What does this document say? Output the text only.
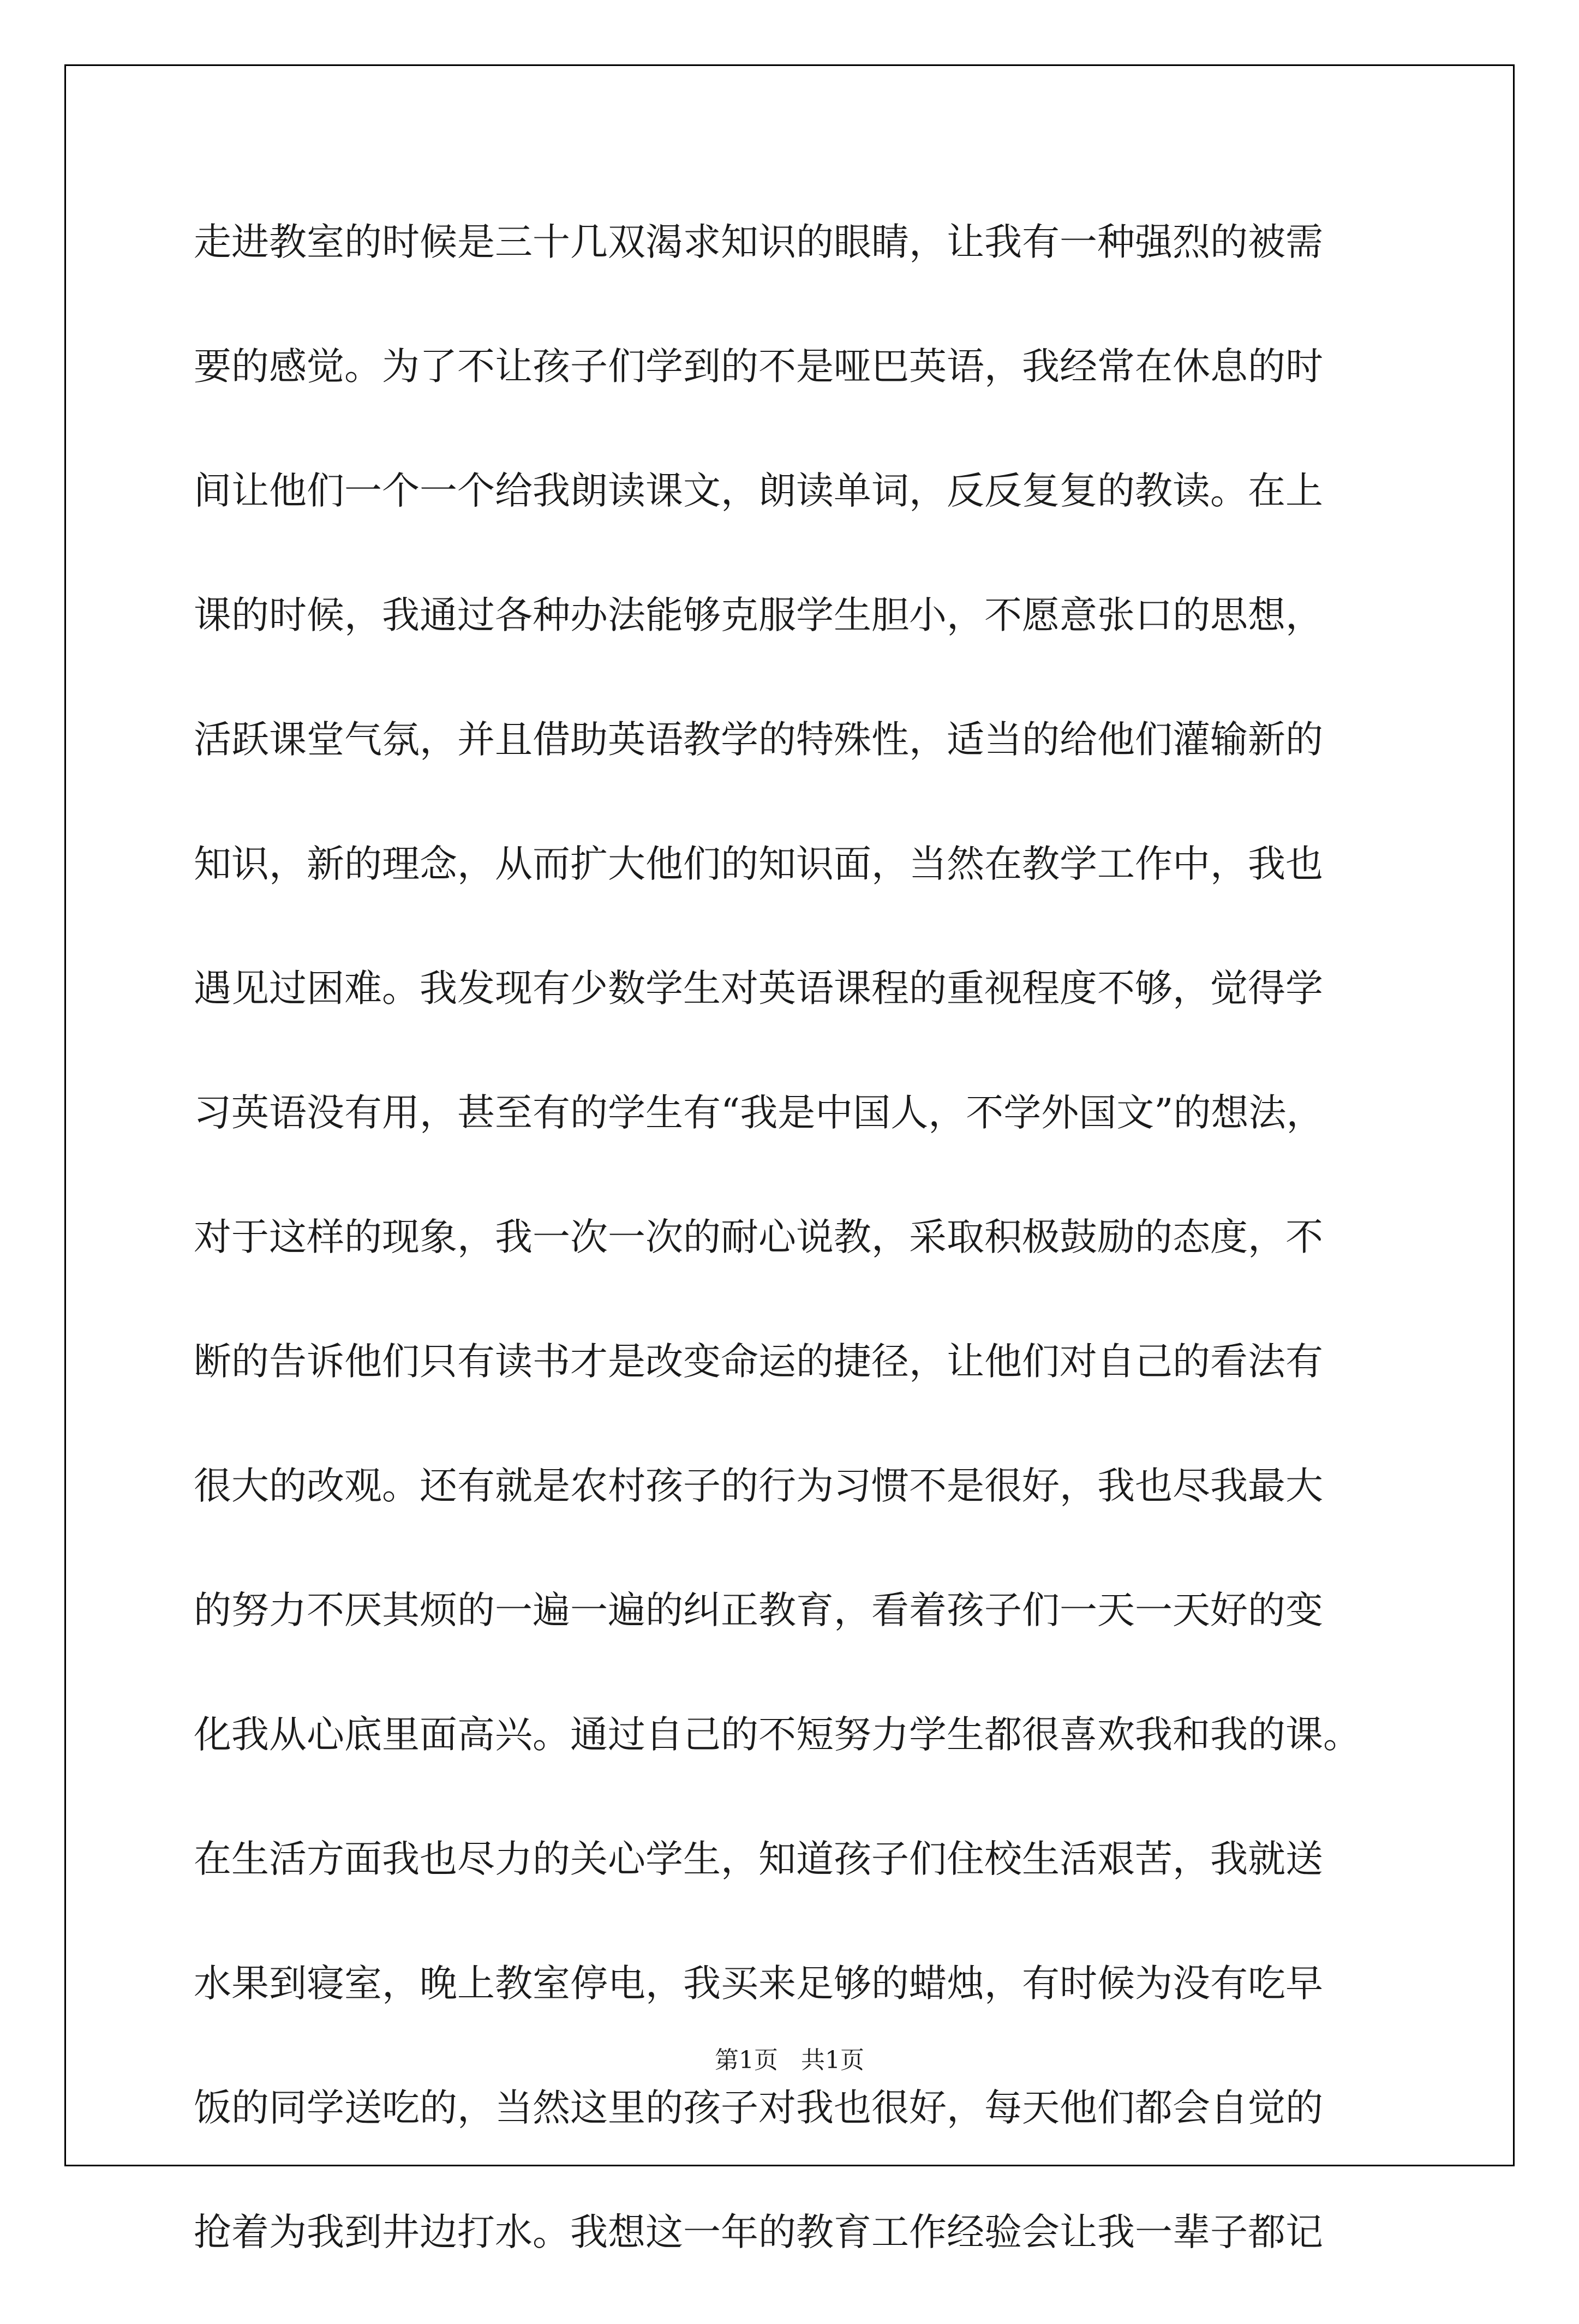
走进教室的时候是三十几双渴求知识的眼睛，让我有一种强烈的被需
要的感觉。为了不让孩子们学到的不是哑巴英语，我经常在休息的时
间让他们一个一个给我朗读课文，朗读单词，反反复复的教读。在上
课的时候，我通过各种办法能够克服学生胆小，不愿意张口的思想，
活跃课堂气氛，并且借助英语教学的特殊性，适当的给他们灌输新的
知识，新的理念，从而扩大他们的知识面，当然在教学工作中，我也
遇见过困难。我发现有少数学生对英语课程的重视程度不够，觉得学
习英语没有用，甚至有的学生有“我是中国人，不学外国文”的想法，
对于这样的现象，我一次一次的耐心说教，采取积极鼓励的态度，不
断的告诉他们只有读书才是改变命运的捷径，让他们对自己的看法有
很大的改观。还有就是农村孩子的行为习惯不是很好，我也尽我最大
的努力不厌其烦的一遍一遍的纠正教育，看着孩子们一天一天好的变
化我从心底里面高兴。通过自己的不短努力学生都很喜欢我和我的课。
在生活方面我也尽力的关心学生，知道孩子们住校生活艰苦，我就送
水果到寝室，晚上教室停电，我买来足够的蜡烛，有时候为没有吃早
饭的同学送吃的，当然这里的孩子对我也很好，每天他们都会自觉的
抢着为我到井边打水。我想这一年的教育工作经验会让我一辈子都记
第1页   共1页
